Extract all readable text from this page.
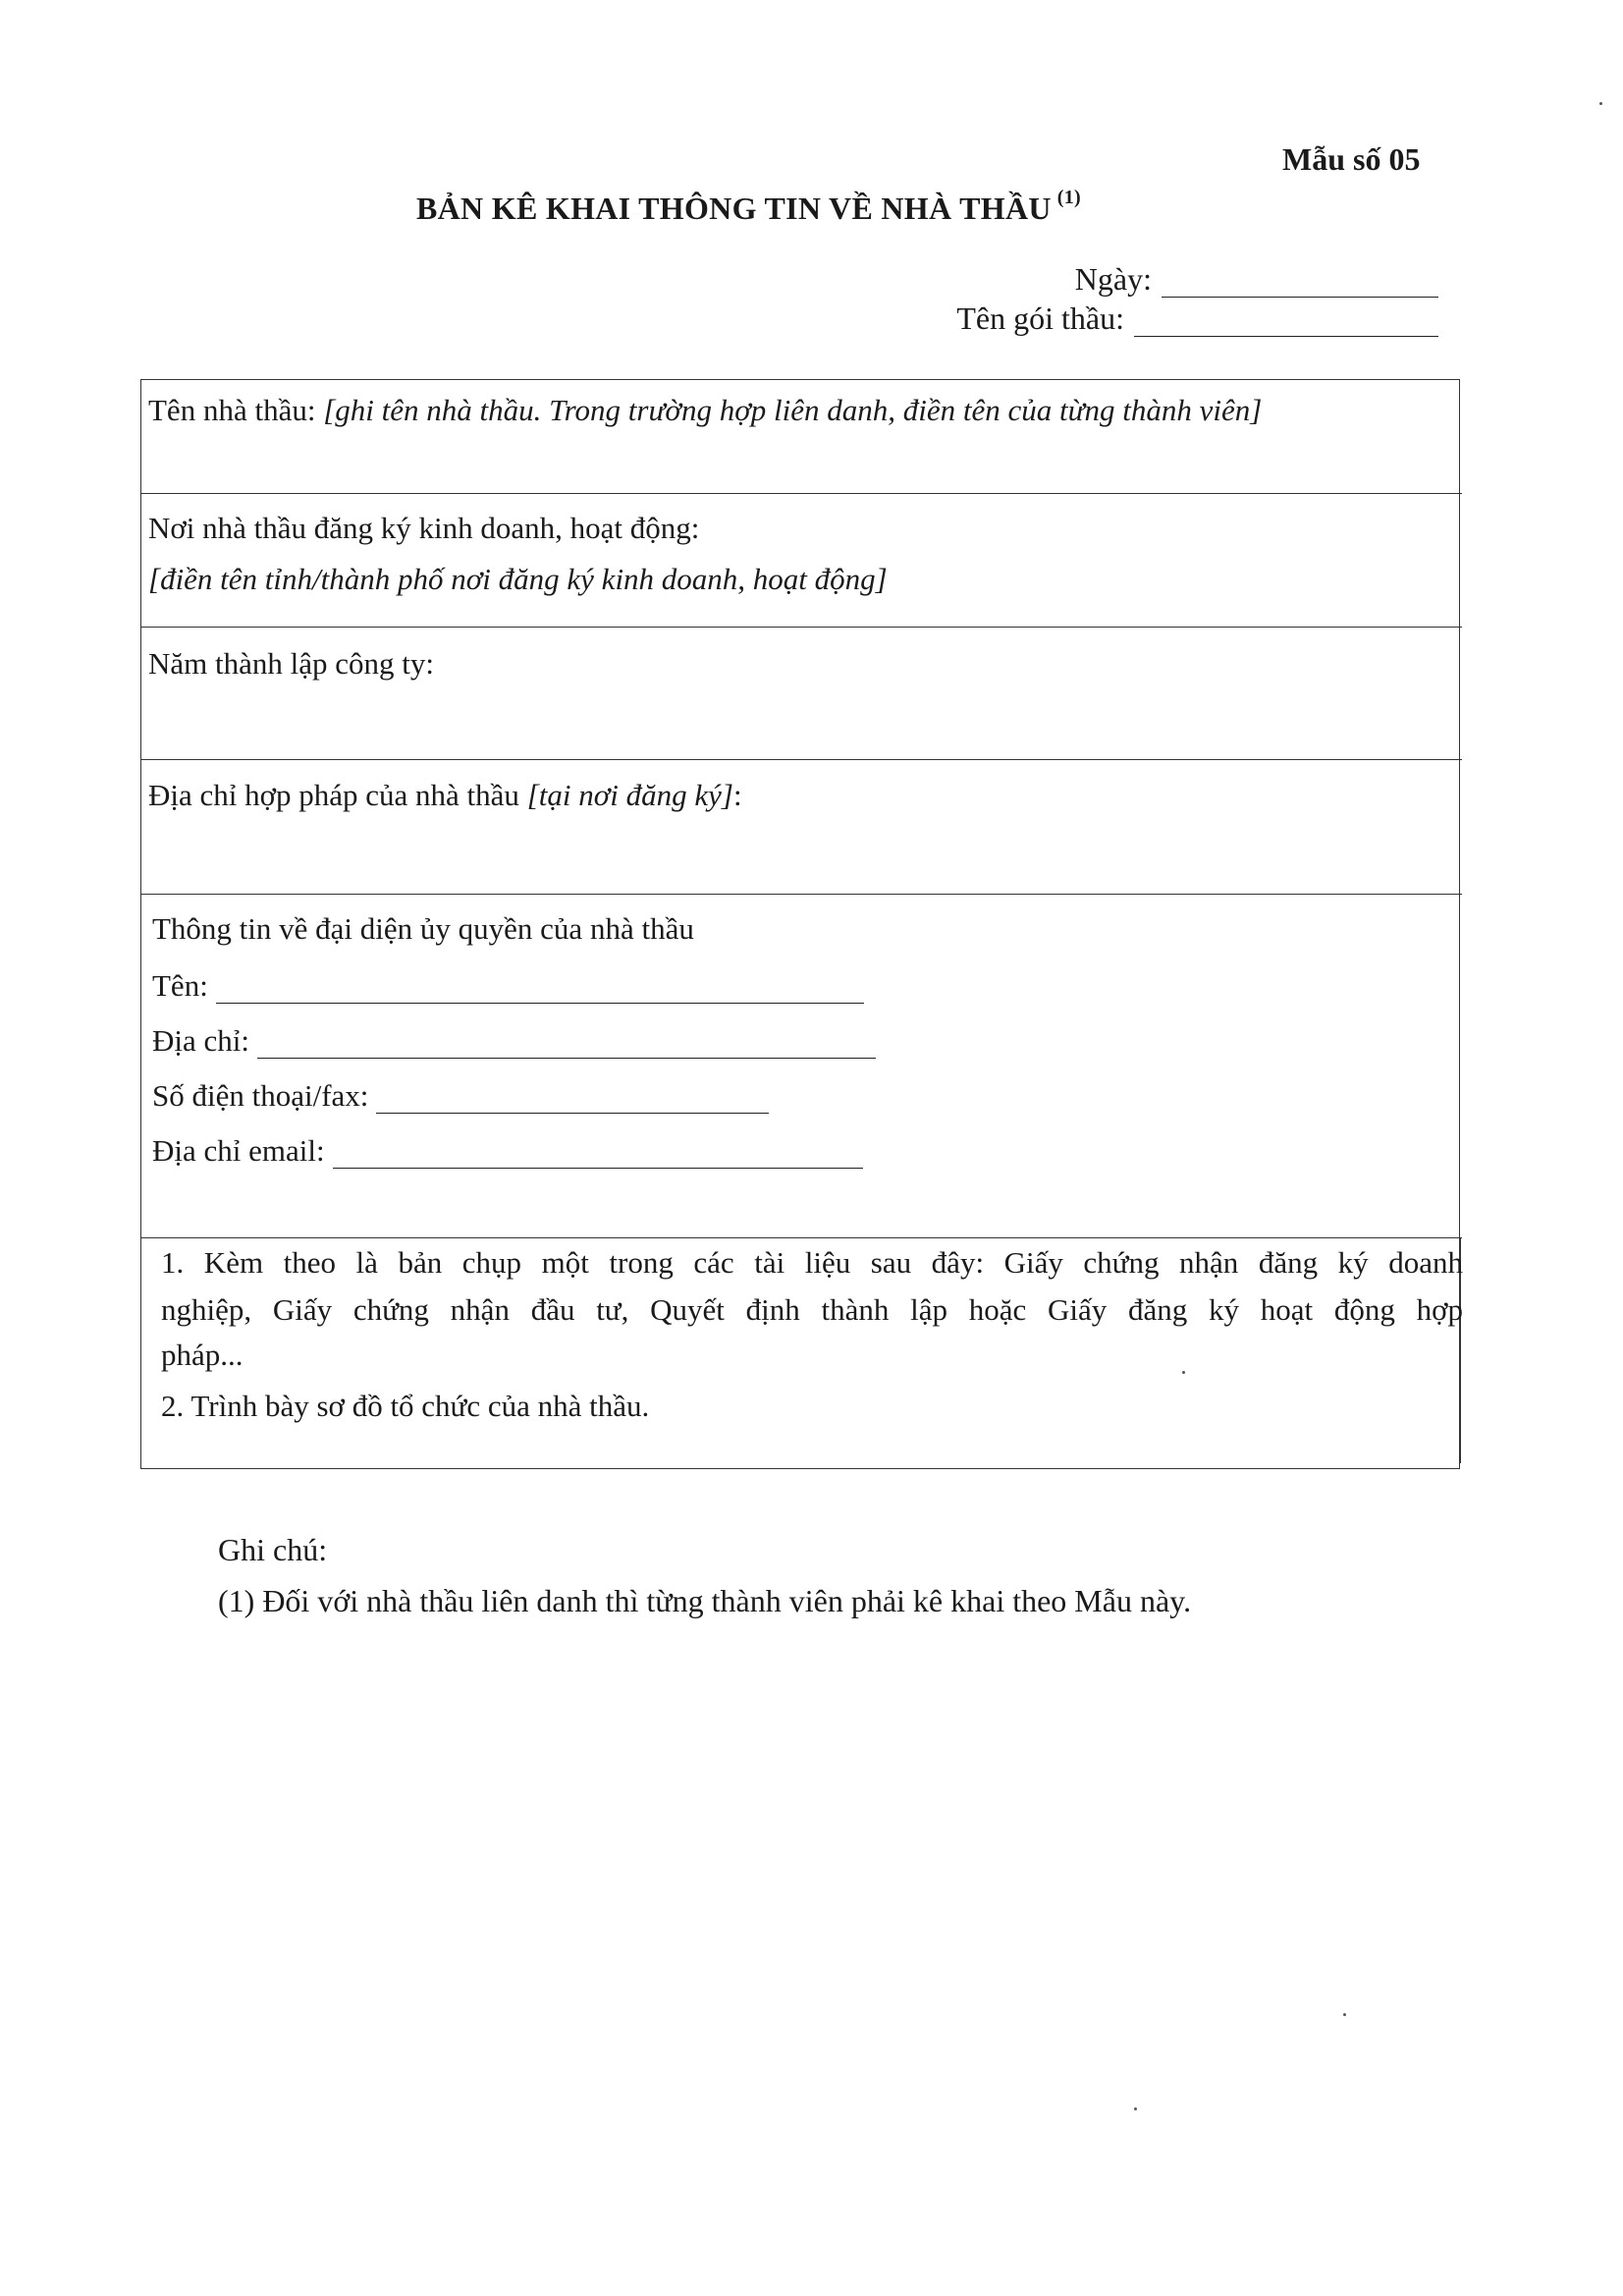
Mẫu số 05
BẢN KÊ KHAI THÔNG TIN VỀ NHÀ THẦU $^{(1)}$
Ngày:
Tên gói thầu:
Tên nhà thầu: [ghi tên nhà thầu. Trong trường hợp liên danh, điền tên của từng thành viên]
Nơi nhà thầu đăng ký kinh doanh, hoạt động:
[điền tên tỉnh/thành phố nơi đăng ký kinh doanh, hoạt động]
Năm thành lập công ty:
Địa chỉ hợp pháp của nhà thầu [tại nơi đăng ký]:
Thông tin về đại diện ủy quyền của nhà thầu
Tên:
Địa chỉ:
Số điện thoại/fax:
Địa chỉ email:
1. Kèm theo là bản chụp một trong các tài liệu sau đây: Giấy chứng nhận đăng ký doanh
nghiệp, Giấy chứng nhận đầu tư, Quyết định thành lập hoặc Giấy đăng ký hoạt động hợp
pháp...
2. Trình bày sơ đồ tổ chức của nhà thầu.
Ghi chú:
(1) Đối với nhà thầu liên danh thì từng thành viên phải kê khai theo Mẫu này.
